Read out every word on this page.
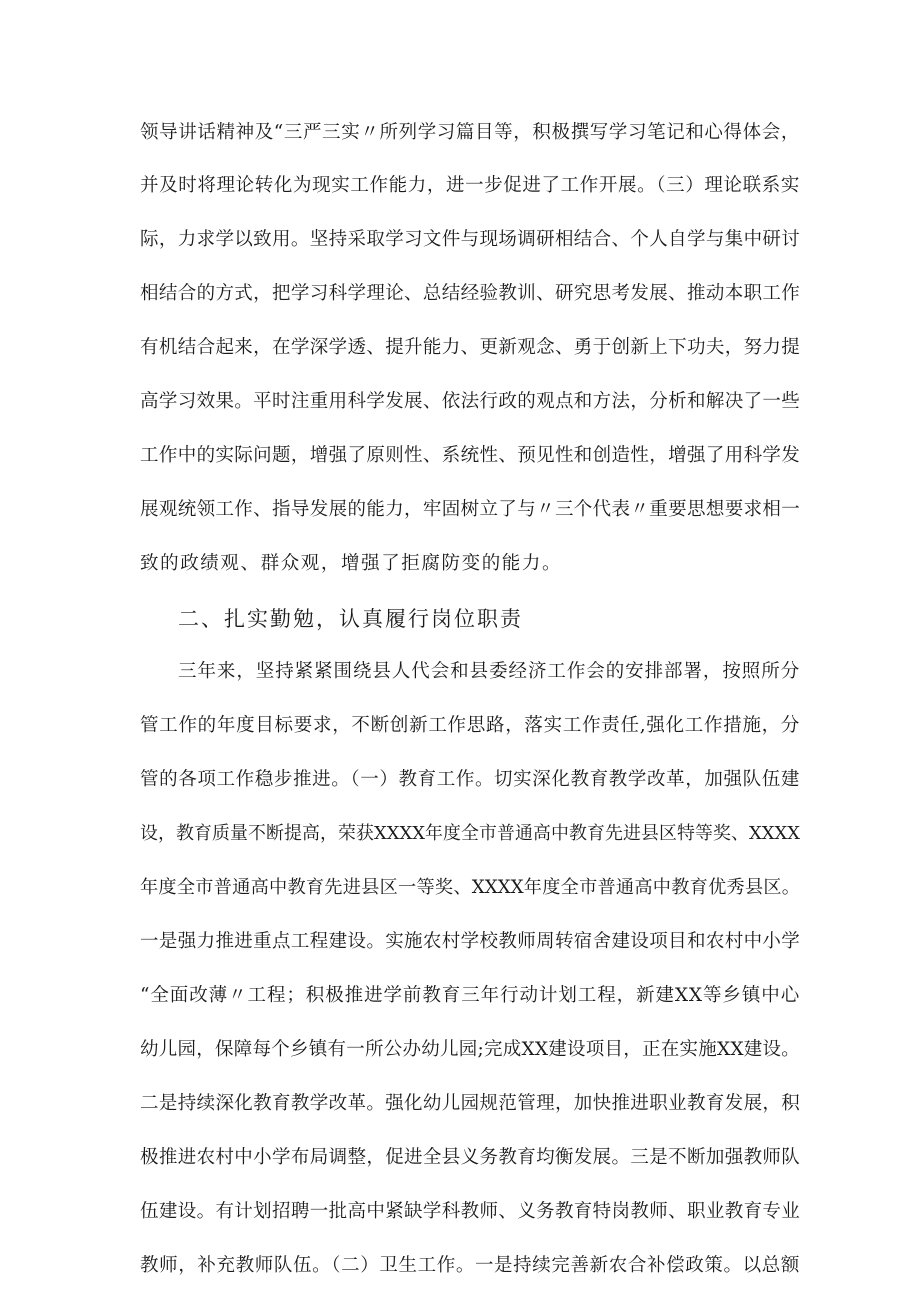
领导讲话精神及“三严三实〃所列学习篇目等，积极撰写学习笔记和心得体会，
并及时将理论转化为现实工作能力，进一步促进了工作开展。（三）理论联系实
际，力求学以致用。坚持采取学习文件与现场调研相结合、个人自学与集中研讨
相结合的方式，把学习科学理论、总结经验教训、研究思考发展、推动本职工作
有机结合起来，在学深学透、提升能力、更新观念、勇于创新上下功夫，努力提
高学习效果。平时注重用科学发展、依法行政的观点和方法，分析和解决了一些
工作中的实际问题，增强了原则性、系统性、预见性和创造性，增强了用科学发
展观统领工作、指导发展的能力，牢固树立了与〃三个代表〃重要思想要求相一
致的政绩观、群众观，增强了拒腐防变的能力。
二、扎实勤勉，认真履行岗位职责
三年来，坚持紧紧围绕县人代会和县委经济工作会的安排部署，按照所分
管工作的年度目标要求，不断创新工作思路，落实工作责任,强化工作措施，分
管的各项工作稳步推进。（一）教育工作。切实深化教育教学改革，加强队伍建
设，教育质量不断提高，荣获XXXX年度全市普通高中教育先进县区特等奖、XXXX
年度全市普通高中教育先进县区一等奖、XXXX年度全市普通高中教育优秀县区。
一是强力推进重点工程建设。实施农村学校教师周转宿舍建设项目和农村中小学
“全面改薄〃工程；积极推进学前教育三年行动计划工程，新建XX等乡镇中心
幼儿园，保障每个乡镇有一所公办幼儿园;完成XX建设项目，正在实施XX建设。
二是持续深化教育教学改革。强化幼儿园规范管理，加快推进职业教育发展，积
极推进农村中小学布局调整，促进全县义务教育均衡发展。三是不断加强教师队
伍建设。有计划招聘一批高中紧缺学科教师、义务教育特岗教师、职业教育专业
教师，补充教师队伍。（二）卫生工作。一是持续完善新农合补偿政策。以总额
